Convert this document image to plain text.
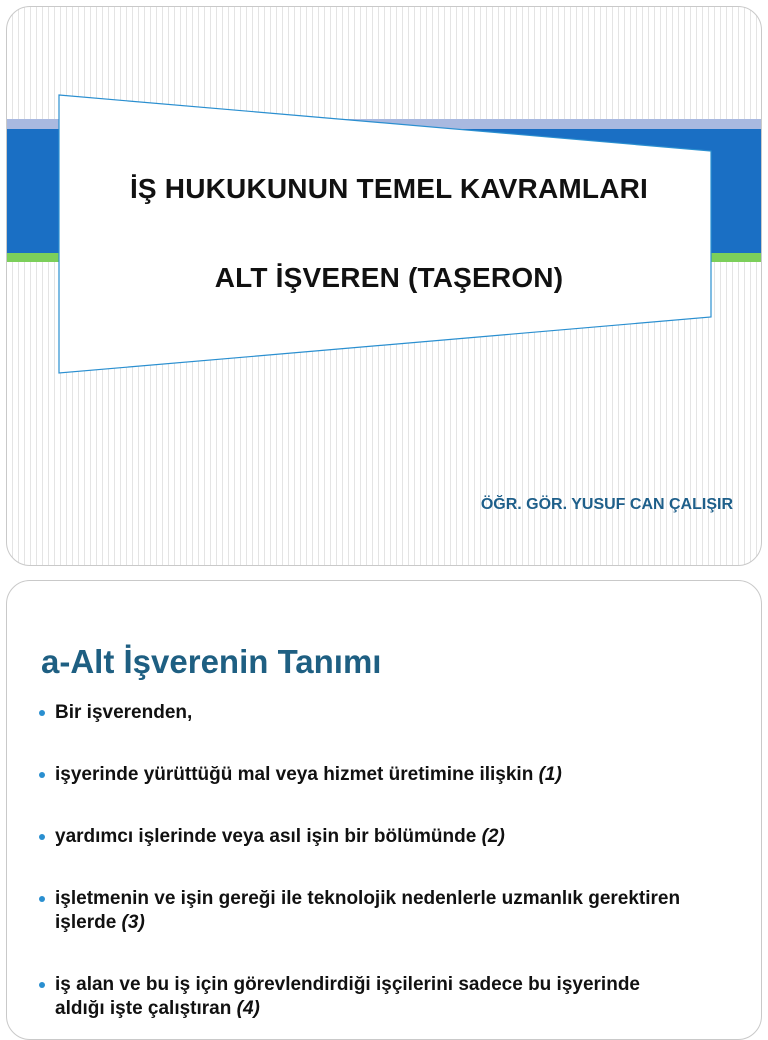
İŞ HUKUKUNUN TEMEL KAVRAMLARI
ALT İŞVEREN (TAŞERON)
ÖĞR. GÖR. YUSUF CAN ÇALIŞIR
a-Alt İşverenin Tanımı
Bir işverenden,
işyerinde yürüttüğü mal veya hizmet üretimine ilişkin (1)
yardımcı işlerinde veya asıl işin bir bölümünde (2)
işletmenin ve işin gereği ile teknolojik nedenlerle uzmanlık gerektiren işlerde (3)
iş alan ve bu iş için görevlendirdiği işçilerini sadece bu işyerinde aldığı işte çalıştıran (4)
